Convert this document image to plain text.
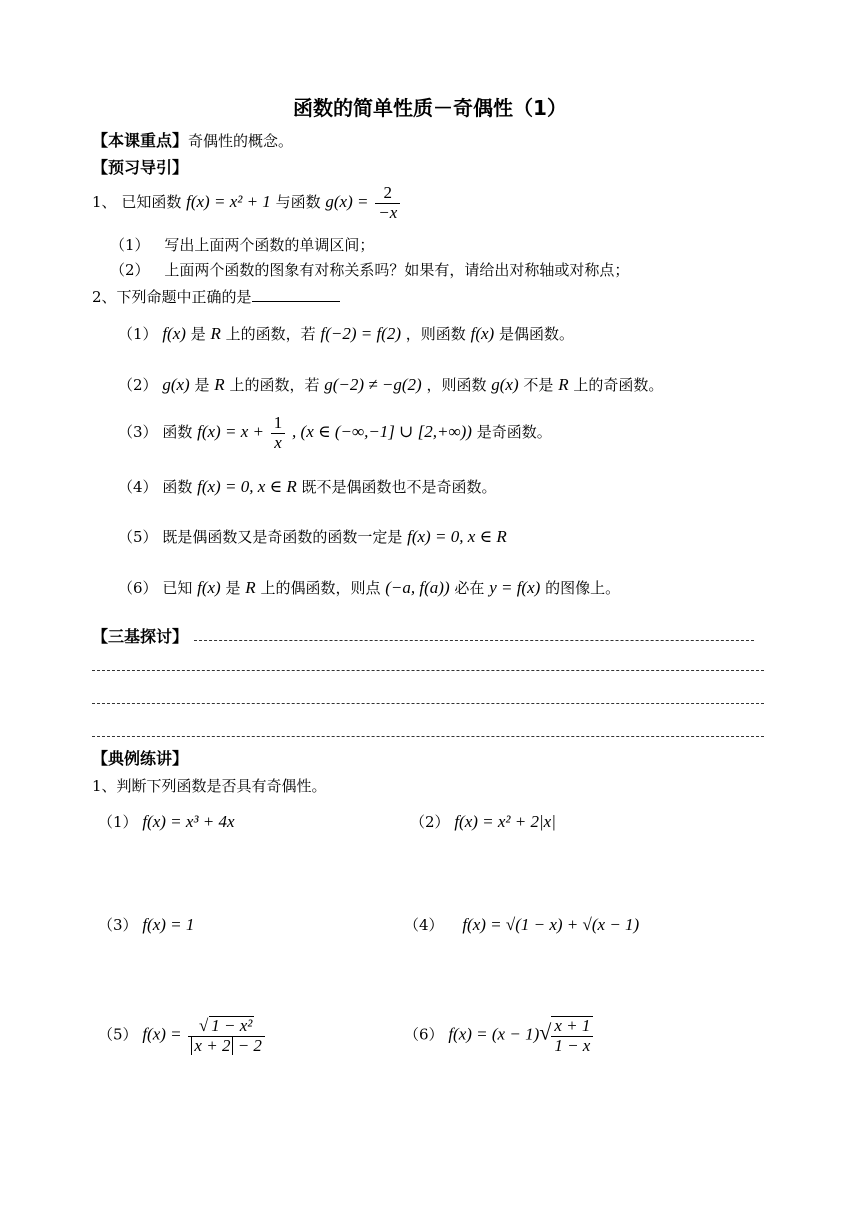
函数的简单性质－奇偶性（1）
【本课重点】奇偶性的概念。
【预习导引】
1、 已知函数 f(x) = x² + 1 与函数 $g(x) = \frac{2}{-x}$
（1） 写出上面两个函数的单调区间；
（2） 上面两个函数的图象有对称关系吗？如果有，请给出对称轴或对称点；
2、下列命题中正确的是
（1） f(x) 是 R 上的函数，若 f(−2) = f(2) ，则函数 f(x) 是偶函数。
（2） g(x) 是 R 上的函数，若 g(−2) ≠ −g(2) ，则函数 g(x) 不是 R 上的奇函数。
（3） 函数 $f(x) = x + \frac{1}{x}$ , (x ∈ (−∞,−1] ∪ [2,+∞)) 是奇函数。
（4） 函数 f(x) = 0, x ∈ R 既不是偶函数也不是奇函数。
（5） 既是偶函数又是奇函数的函数一定是 f(x) = 0, x ∈ R
（6） 已知 f(x) 是 R 上的偶函数，则点 (−a, f(a)) 必在 y = f(x) 的图像上。
【三基探讨】
【典例练讲】
1、判断下列函数是否具有奇偶性。
（1） f(x) = x³ + 4x	（2） f(x) = x² + 2|x|
（3） f(x) = 1	（4） f(x) = √(1 − x) + √(x − 1)
（5） $f(x) = \frac{\text{√ 1 − x²}}{x + 2 - 2}$	（6） $f(x) = (x - 1)√ \frac{x + 1}{1 - x}$
